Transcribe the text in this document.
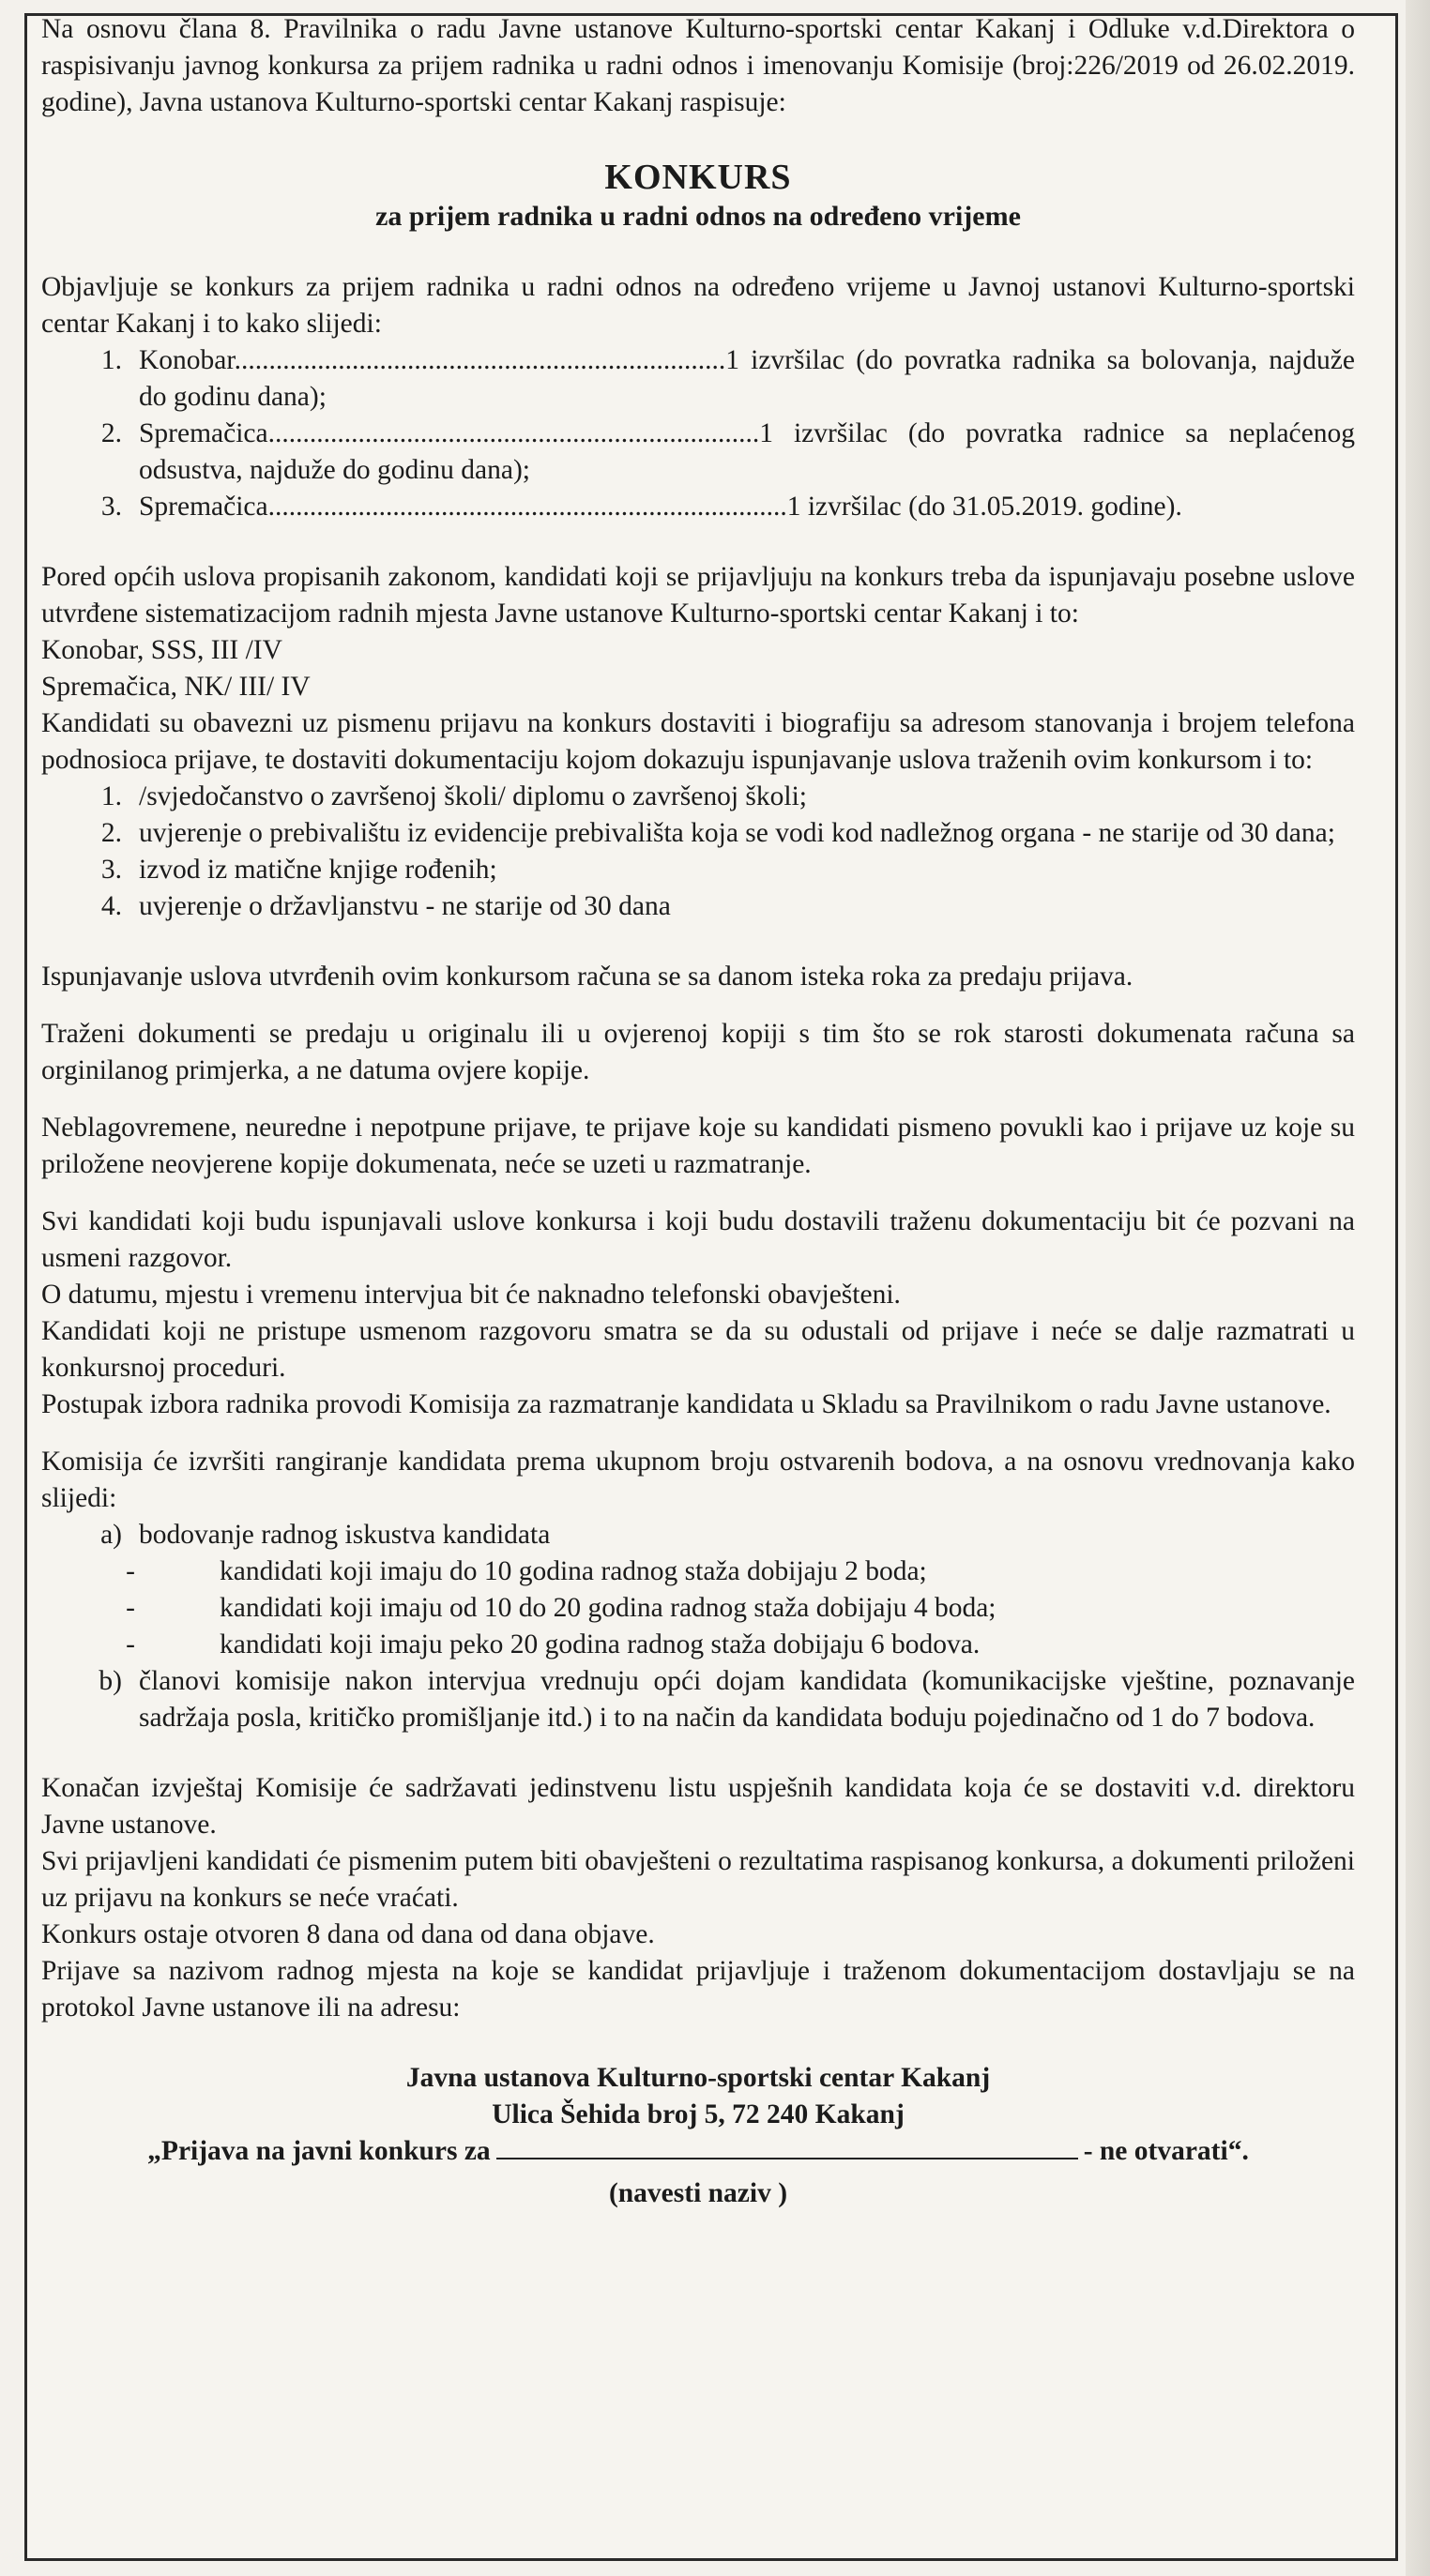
Na osnovu člana 8. Pravilnika o radu Javne ustanove Kulturno-sportski centar Kakanj i Odluke v.d.Direktora o raspisivanju javnog konkursa za prijem radnika u radni odnos i imenovanju Komisije (broj:226/2019 od 26.02.2019. godine), Javna ustanova Kulturno-sportski centar Kakanj raspisuje:

KONKURS
za prijem radnika u radni odnos na određeno vrijeme

Objavljuje se konkurs za prijem radnika u radni odnos na određeno vrijeme u Javnoj ustanovi Kulturno-sportski centar Kakanj i to kako slijedi:

1. Konobar.......................................................................1 izvršilac (do povratka radnika sa bolovanja, najduže do godinu dana);
2. Spremačica.......................................................................1 izvršilac (do povratka radnice sa neplaćenog odsustva, najduže do godinu dana);
3. Spremačica...........................................................................1 izvršilac (do 31.05.2019. godine).

Pored općih uslova propisanih zakonom, kandidati koji se prijavljuju na konkurs treba da ispunjavaju posebne uslove utvrđene sistematizacijom radnih mjesta Javne ustanove Kulturno-sportski centar Kakanj i to:

Konobar, SSS, III /IV

Spremačica, NK/ III/ IV

Kandidati su obavezni uz pismenu prijavu na konkurs dostaviti i biografiju sa adresom stanovanja i brojem telefona podnosioca prijave, te dostaviti dokumentaciju kojom dokazuju ispunjavanje uslova traženih ovim konkursom i to:

1. /svjedočanstvo o završenoj školi/ diplomu o završenoj školi;
2. uvjerenje o prebivalištu iz evidencije prebivališta koja se vodi kod nadležnog organa - ne starije od 30 dana;
3. izvod iz matične knjige rođenih;
4. uvjerenje o državljanstvu - ne starije od 30 dana

Ispunjavanje uslova utvrđenih ovim konkursom računa se sa danom isteka roka za predaju prijava.

Traženi dokumenti se predaju u originalu ili u ovjerenoj kopiji s tim što se rok starosti dokumenata računa sa orginilanog primjerka, a ne datuma ovjere kopije.

Neblagovremene, neuredne i nepotpune prijave, te prijave koje su kandidati pismeno povukli kao i prijave uz koje su priložene neovjerene kopije dokumenata, neće se uzeti u razmatranje.

Svi kandidati koji budu ispunjavali uslove konkursa i koji budu dostavili traženu dokumentaciju bit će pozvani na usmeni razgovor.

O datumu, mjestu i vremenu intervjua bit će naknadno telefonski obavješteni.

Kandidati koji ne pristupe usmenom razgovoru smatra se da su odustali od prijave i neće se dalje razmatrati u konkursnoj proceduri.

Postupak izbora radnika provodi Komisija za razmatranje kandidata u Skladu sa Pravilnikom o radu Javne ustanove.

Komisija će izvršiti rangiranje kandidata prema ukupnom broju ostvarenih bodova, a na osnovu vrednovanja kako slijedi:

a) bodovanje radnog iskustva kandidata
-	kandidati koji imaju do 10 godina radnog staža dobijaju 2 boda;
-	kandidati koji imaju od 10 do 20 godina radnog staža dobijaju 4 boda;
-	kandidati koji imaju peko 20 godina radnog staža dobijaju 6 bodova.
b) članovi komisije nakon intervjua vrednuju opći dojam kandidata (komunikacijske vještine, poznavanje sadržaja posla, kritičko promišljanje itd.) i to na način da kandidata boduju pojedinačno od 1 do 7 bodova.

Konačan izvještaj Komisije će sadržavati jedinstvenu listu uspješnih kandidata koja će se dostaviti v.d. direktoru Javne ustanove.

Svi prijavljeni kandidati će pismenim putem biti obavješteni o rezultatima raspisanog konkursa, a dokumenti priloženi uz prijavu na konkurs se neće vraćati.

Konkurs ostaje otvoren 8 dana od dana od dana objave.

Prijave sa nazivom radnog mjesta na koje se kandidat prijavljuje i traženom dokumentacijom dostavljaju se na protokol Javne ustanove ili na adresu:

Javna ustanova Kulturno-sportski centar Kakanj
Ulica Šehida broj 5, 72 240 Kakanj
„Prijava na javni konkurs za	- ne otvarati“.
(navesti naziv )
